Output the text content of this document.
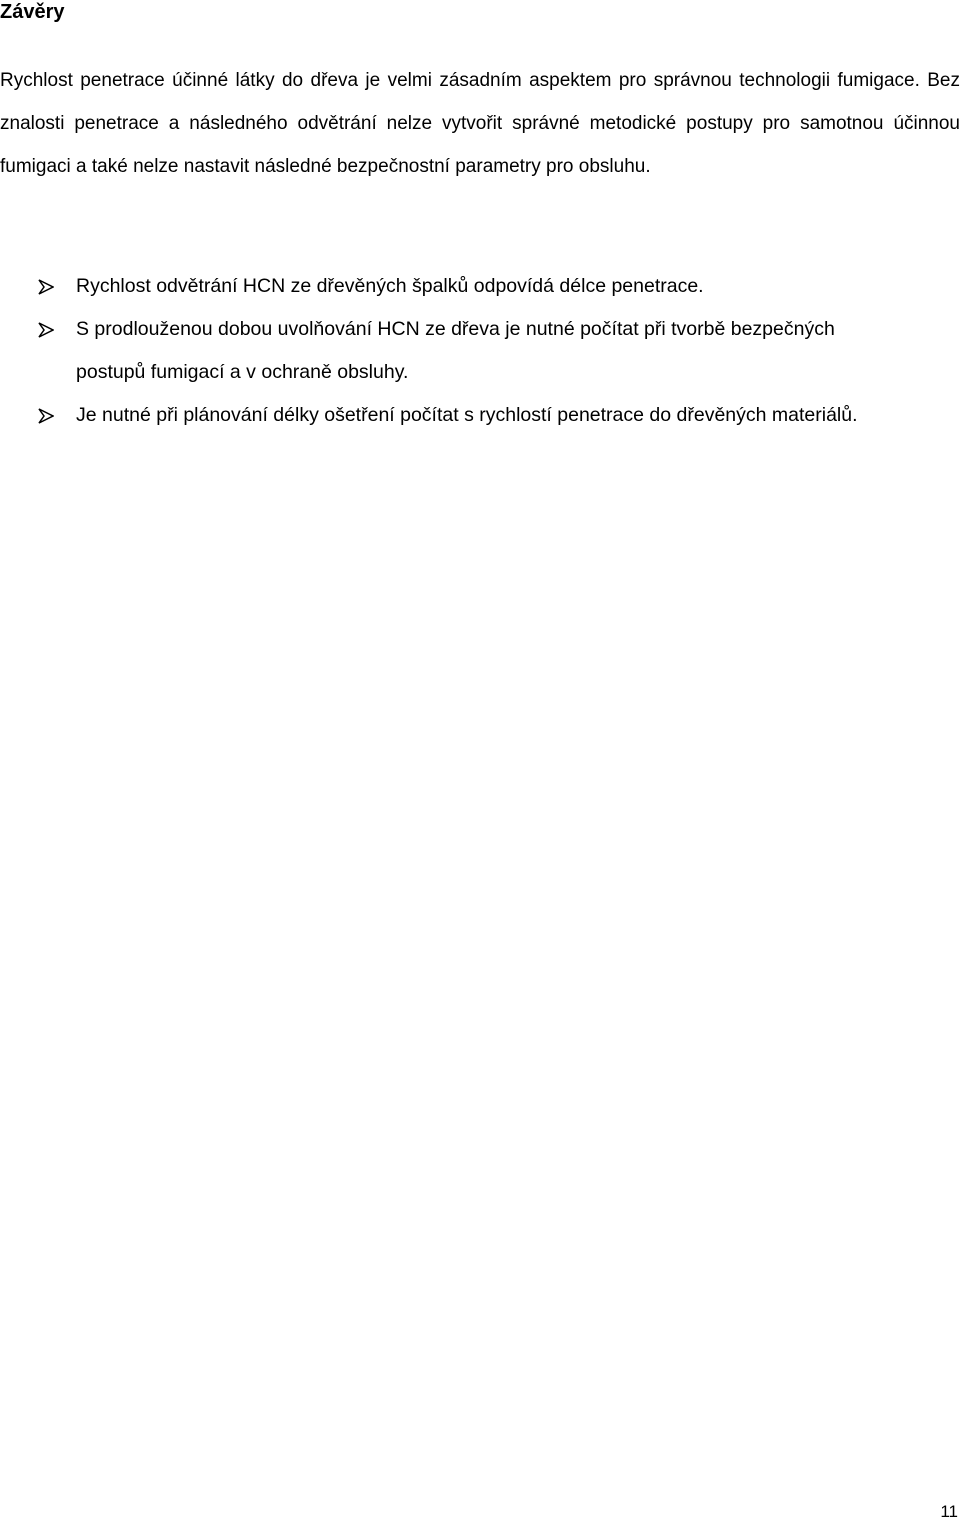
Závěry

Rychlost penetrace účinné látky do dřeva je velmi zásadním aspektem pro správnou technologii fumigace. Bez znalosti penetrace a následného odvětrání nelze vytvořit správné metodické postupy pro samotnou účinnou fumigaci a také nelze nastavit následné bezpečnostní parametry pro obsluhu.

Rychlost odvětrání HCN ze dřevěných špalků odpovídá délce penetrace.
S prodlouženou dobou uvolňování HCN ze dřeva je nutné počítat při tvorbě bezpečných
postupů fumigací a v ochraně obsluhy.
Je nutné při plánování délky ošetření počítat s rychlostí penetrace do dřevěných materiálů.
11
